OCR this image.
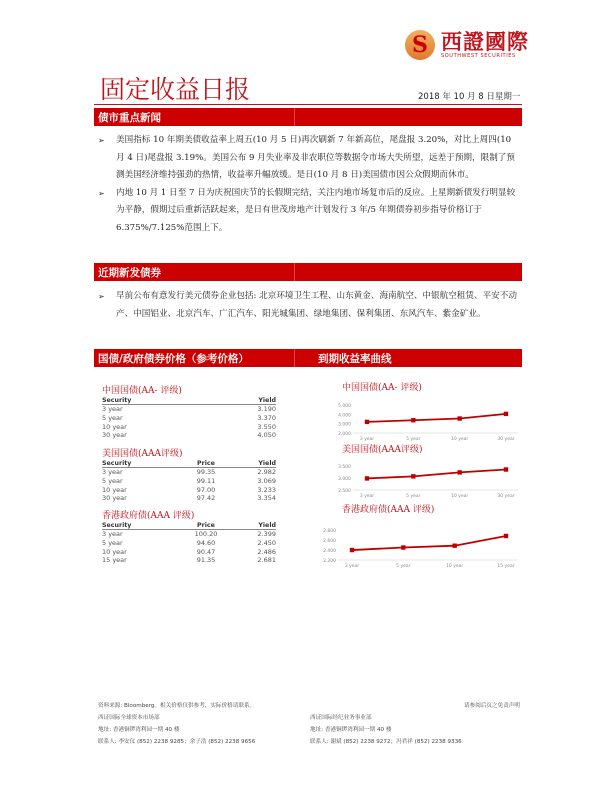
S
西證國際
SOUTHWEST SECURITIES
固定收益日报	2018 年 10 月 8 日星期一
债市重点新闻
➢ 美国指标 10 年期美债收益率上周五(10 月 5 日)再次刷新 7 年新高位，尾盘报 3.20%，对比上周四(10 月 4 日)尾盘报 3.19%。美国公布 9 月失业率及非农职位等数据令市场大失所望，远差于预期，限制了预测美国经济维持强劲的热情，收益率升幅放缓。是日(10 月 8 日)美国债市因公众假期而休市。
➢ 内地 10 月 1 日至 7 日为庆祝国庆节的长假期完结，关注内地市场复市后的反应。上星期新债发行明显较为平静，假期过后重新活跃起来，是日有世茂房地产计划发行 3 年/5 年期债券初步指导价格订于 6.375%/7.125%范围上下。
近期新发债券
➢ 早前公布有意发行美元债券企业包括: 北京环境卫生工程、山东黄金、海南航空、中银航空租赁、平安不动产、中国铝业、北京汽车、广汇汽车、阳光城集团、绿地集团、保利集团、东风汽车、紫金矿业。
国债/政府债券价格（参考价格）	到期收益率曲线
中国国债(AA- 评级)
Security		Yield
3 year		3.190
5 year		3.370
10 year		3.550
30 year		4.050
美国国债(AAA评级)
Security	Price	Yield
3 year	99.35	2.982
5 year	99.11	3.069
10 year	97.00	3.233
30 year	97.42	3.354
香港政府债(AAA 评级)
Security	Price	Yield
3 year	100.20	2.399
5 year	94.60	2.450
10 year	90.47	2.486
15 year	91.35	2.681
中国国债(AA- 评级)
2.000
3.000
4.000
5.000
3 year	5 year	10 year	30 year
美国国债(AAA评级)
2.500
3.000
3.500
3 year	5 year	10 year	30 year
香港政府债(AAA 评级)
2.200
2.400
2.600
2.800
3 year	5 year	10 year	15 year
资料来源: Bloomberg。相关价格仅供参考，实际价格请联系。
西证国际全球资本市场部
地址: 香港铜锣湾利园一期 40 楼
联系人: 李安仪 (852) 2238 9285；余子浩 (852) 2238 9656
请参阅后页之免责声明
西证国际经纪业务事业部
地址: 香港铜锣湾利园一期 40 楼
联系人: 谢斌 (852) 2238 9272；冯君祥 (852) 2238 9336
